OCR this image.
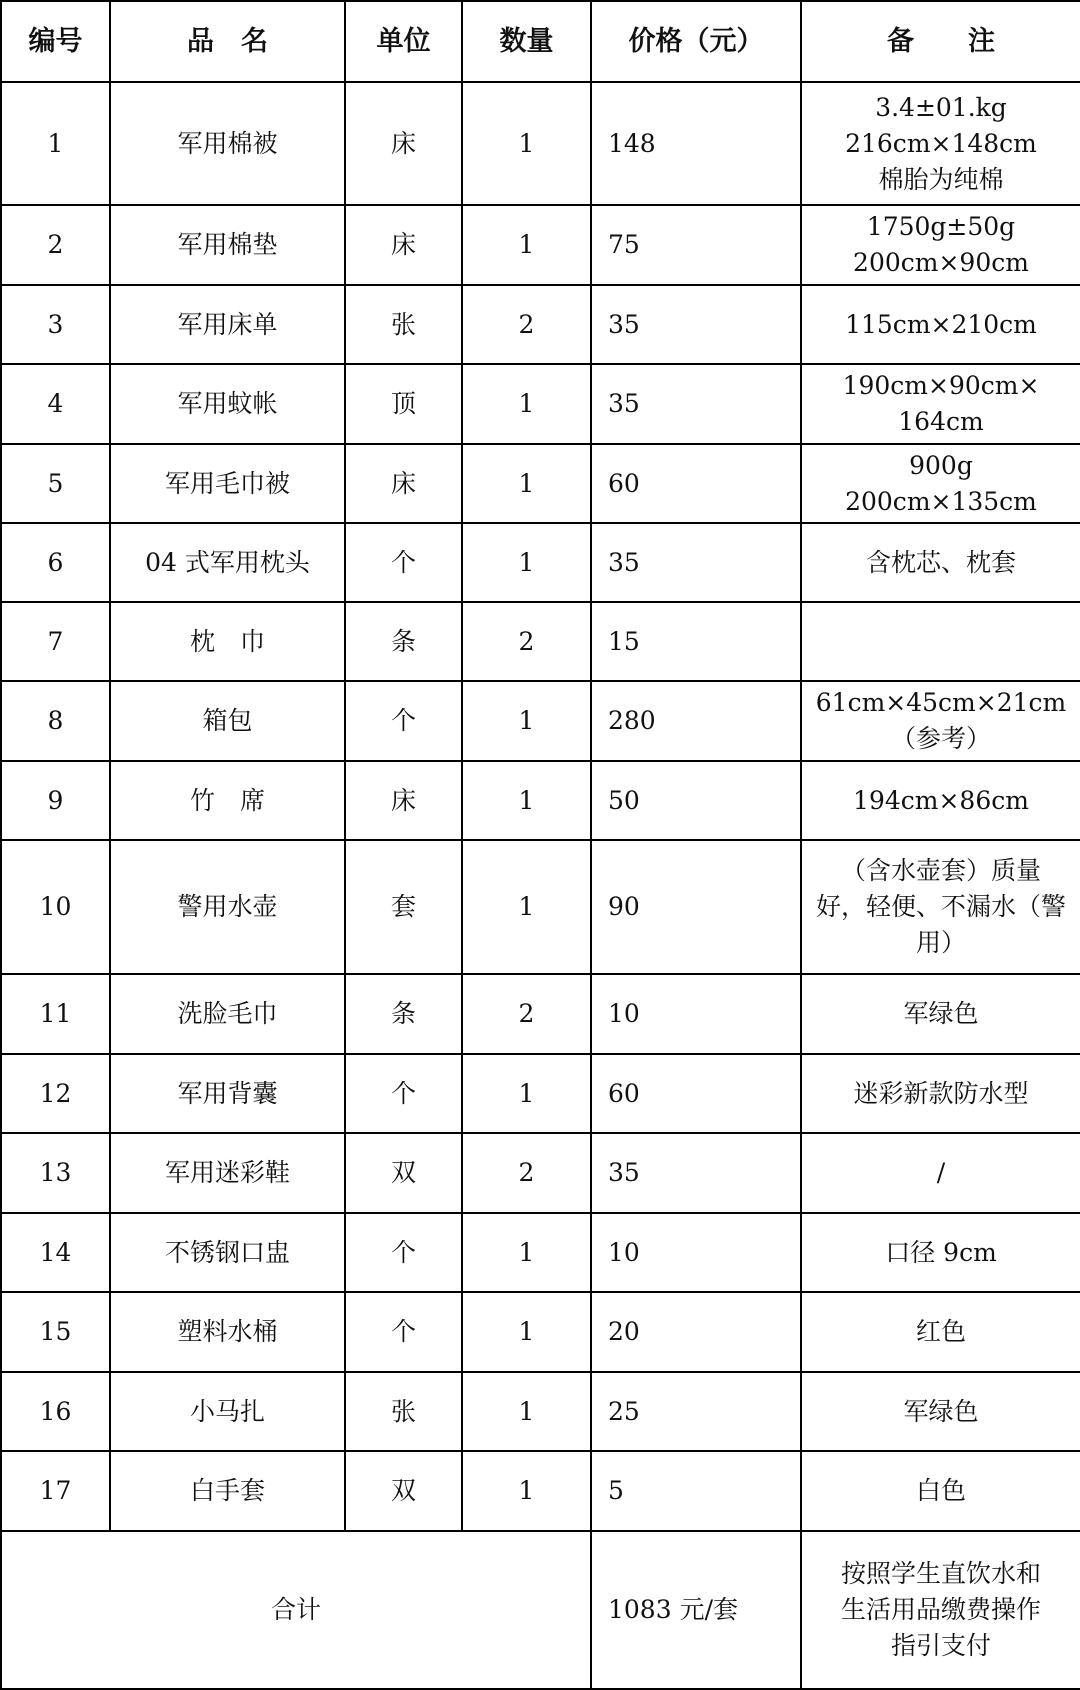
编号	品　名	单位	数量	价格（元）	备　　注
1	军用棉被	床	1	148	3.4±01.kg
216cm×148cm
棉胎为纯棉

2	军用棉垫	床	1	75	1750g±50g
200cm×90cm

3	军用床单	张	2	35	115cm×210cm

4	军用蚊帐	顶	1	35	190cm×90cm×
164cm

5	军用毛巾被	床	1	60	900g
200cm×135cm

6	04 式军用枕头	个	1	35	含枕芯、枕套

7	枕　巾	条	2	15	

8	箱包	个	1	280	61cm×45cm×21cm
（参考）

9	竹　席	床	1	50	194cm×86cm

10	警用水壶	套	1	90	（含水壶套）质量
好，轻便、不漏水（警
用）

11	洗脸毛巾	条	2	10	军绿色

12	军用背囊	个	1	60	迷彩新款防水型

13	军用迷彩鞋	双	2	35	/

14	不锈钢口盅	个	1	10	口径 9cm

15	塑料水桶	个	1	20	红色

16	小马扎	张	1	25	军绿色

17	白手套	双	1	5	白色

合计				1083 元/套	按照学生直饮水和
生活用品缴费操作
指引支付
